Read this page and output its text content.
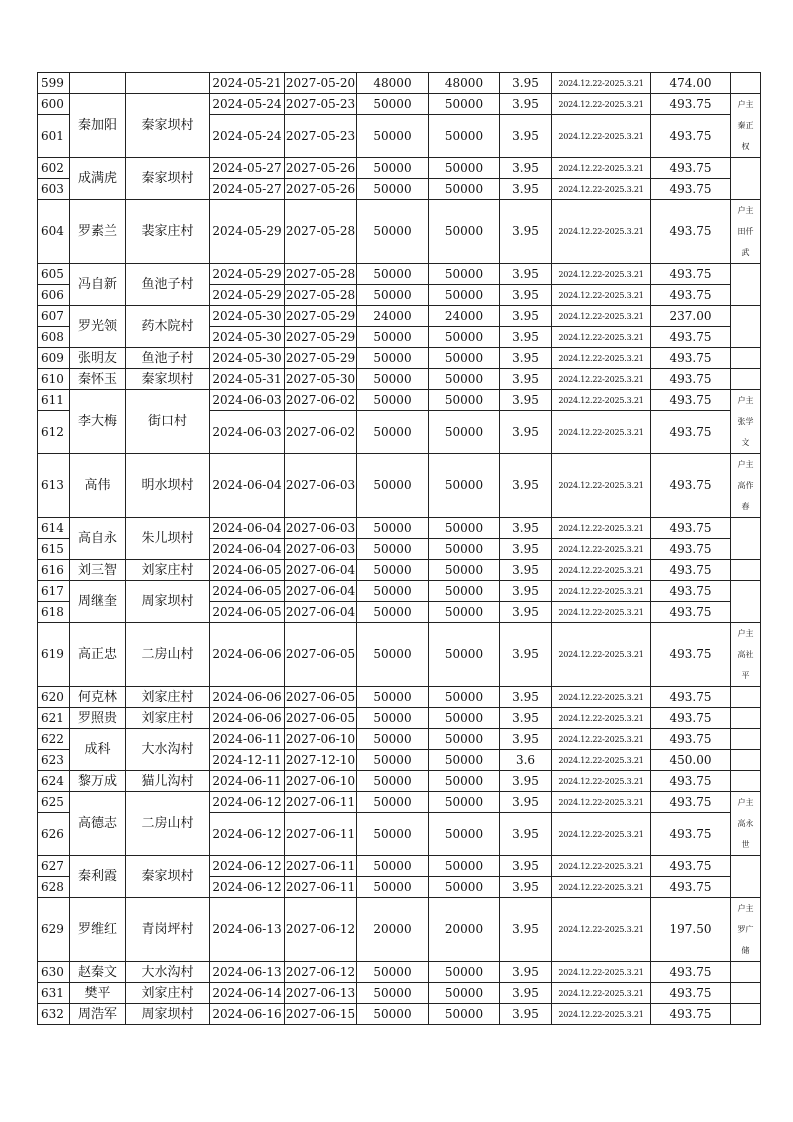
599			2024-05-21	2027-05-20	48000	48000	3.95	2024.12.22-2025.3.21	474.00	
600	秦加阳	秦家坝村	2024-05-24	2027-05-23	50000	50000	3.95	2024.12.22-2025.3.21	493.75	户主
秦正
权

601			2024-05-24	2027-05-23	50000	50000	3.95	2024.12.22-2025.3.21	493.75	
602	成满虎	秦家坝村	2024-05-27	2027-05-26	50000	50000	3.95	2024.12.22-2025.3.21	493.75	
603			2024-05-27	2027-05-26	50000	50000	3.95	2024.12.22-2025.3.21	493.75	
604	罗素兰	裴家庄村	2024-05-29	2027-05-28	50000	50000	3.95	2024.12.22-2025.3.21	493.75	户主
田仟
武

605	冯自新	鱼池子村	2024-05-29	2027-05-28	50000	50000	3.95	2024.12.22-2025.3.21	493.75	
606			2024-05-29	2027-05-28	50000	50000	3.95	2024.12.22-2025.3.21	493.75	
607	罗光领	药木院村	2024-05-30	2027-05-29	24000	24000	3.95	2024.12.22-2025.3.21	237.00	
608			2024-05-30	2027-05-29	50000	50000	3.95	2024.12.22-2025.3.21	493.75	
609	张明友	鱼池子村	2024-05-30	2027-05-29	50000	50000	3.95	2024.12.22-2025.3.21	493.75	
610	秦怀玉	秦家坝村	2024-05-31	2027-05-30	50000	50000	3.95	2024.12.22-2025.3.21	493.75	
611	李大梅	街口村	2024-06-03	2027-06-02	50000	50000	3.95	2024.12.22-2025.3.21	493.75	户主
张学
文

612			2024-06-03	2027-06-02	50000	50000	3.95	2024.12.22-2025.3.21	493.75	
613	高伟	明水坝村	2024-06-04	2027-06-03	50000	50000	3.95	2024.12.22-2025.3.21	493.75	户主
高作
春

614	高自永	朱儿坝村	2024-06-04	2027-06-03	50000	50000	3.95	2024.12.22-2025.3.21	493.75	
615			2024-06-04	2027-06-03	50000	50000	3.95	2024.12.22-2025.3.21	493.75	
616	刘三智	刘家庄村	2024-06-05	2027-06-04	50000	50000	3.95	2024.12.22-2025.3.21	493.75	
617	周继奎	周家坝村	2024-06-05	2027-06-04	50000	50000	3.95	2024.12.22-2025.3.21	493.75	
618			2024-06-05	2027-06-04	50000	50000	3.95	2024.12.22-2025.3.21	493.75	
619	高正忠	二房山村	2024-06-06	2027-06-05	50000	50000	3.95	2024.12.22-2025.3.21	493.75	户主
高社
平

620	何克林	刘家庄村	2024-06-06	2027-06-05	50000	50000	3.95	2024.12.22-2025.3.21	493.75	
621	罗照贵	刘家庄村	2024-06-06	2027-06-05	50000	50000	3.95	2024.12.22-2025.3.21	493.75	
622	成科	大水沟村	2024-06-11	2027-06-10	50000	50000	3.95	2024.12.22-2025.3.21	493.75	
623			2024-12-11	2027-12-10	50000	50000	3.6	2024.12.22-2025.3.21	450.00	
624	黎万成	猫儿沟村	2024-06-11	2027-06-10	50000	50000	3.95	2024.12.22-2025.3.21	493.75	
625	高德志	二房山村	2024-06-12	2027-06-11	50000	50000	3.95	2024.12.22-2025.3.21	493.75	户主
高永
世

626			2024-06-12	2027-06-11	50000	50000	3.95	2024.12.22-2025.3.21	493.75	
627	秦利霞	秦家坝村	2024-06-12	2027-06-11	50000	50000	3.95	2024.12.22-2025.3.21	493.75	
628			2024-06-12	2027-06-11	50000	50000	3.95	2024.12.22-2025.3.21	493.75	
629	罗维红	青岗坪村	2024-06-13	2027-06-12	20000	20000	3.95	2024.12.22-2025.3.21	197.50	户主
罗广
储

630	赵秦文	大水沟村	2024-06-13	2027-06-12	50000	50000	3.95	2024.12.22-2025.3.21	493.75	
631	樊平	刘家庄村	2024-06-14	2027-06-13	50000	50000	3.95	2024.12.22-2025.3.21	493.75	
632	周浩军	周家坝村	2024-06-16	2027-06-15	50000	50000	3.95	2024.12.22-2025.3.21	493.75	
